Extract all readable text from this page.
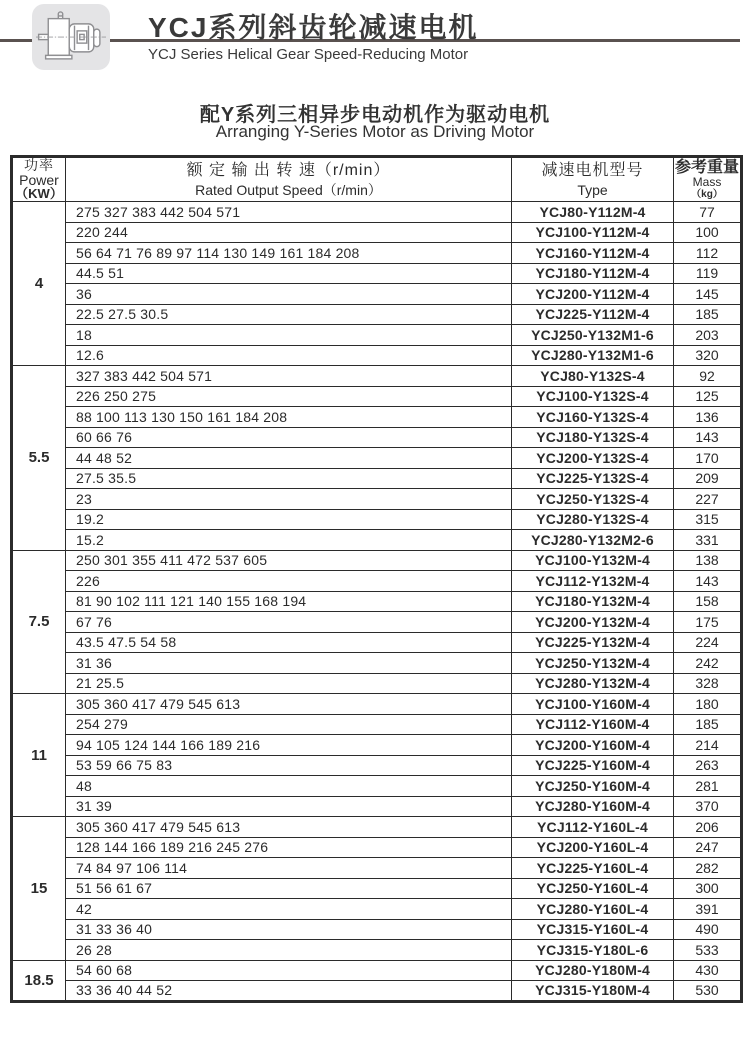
YCJ系列斜齿轮减速电机
YCJ Series Helical Gear Speed-Reducing Motor
配Y系列三相异步电动机作为驱动电机
Arranging Y-Series Motor as Driving Motor
功率
Power
（KW）

额 定 输 出 转 速（r/min）
Rated Output Speed（r/min）

减速电机型号
Type

参考重量
Mass
（kg）

4	275 327 383 442 504 571	YCJ80-Y112M-4	77
	220 244	YCJ100-Y112M-4	100
	56 64 71 76 89 97 114 130 149 161 184 208	YCJ160-Y112M-4	112
	44.5 51	YCJ180-Y112M-4	119
	36	YCJ200-Y112M-4	145
	22.5 27.5 30.5	YCJ225-Y112M-4	185
	18	YCJ250-Y132M1-6	203
	12.6	YCJ280-Y132M1-6	320
5.5	327 383 442 504 571	YCJ80-Y132S-4	92
	226 250 275	YCJ100-Y132S-4	125
	88 100 113 130 150 161 184 208	YCJ160-Y132S-4	136
	60 66 76	YCJ180-Y132S-4	143
	44 48 52	YCJ200-Y132S-4	170
	27.5 35.5	YCJ225-Y132S-4	209
	23	YCJ250-Y132S-4	227
	19.2	YCJ280-Y132S-4	315
	15.2	YCJ280-Y132M2-6	331
7.5	250 301 355 411 472 537 605	YCJ100-Y132M-4	138
	226	YCJ112-Y132M-4	143
	81 90 102 111 121 140 155 168 194	YCJ180-Y132M-4	158
	67 76	YCJ200-Y132M-4	175
	43.5 47.5 54 58	YCJ225-Y132M-4	224
	31 36	YCJ250-Y132M-4	242
	21 25.5	YCJ280-Y132M-4	328
11	305 360 417 479 545 613	YCJ100-Y160M-4	180
	254 279	YCJ112-Y160M-4	185
	94 105 124 144 166 189 216	YCJ200-Y160M-4	214
	53 59 66 75 83	YCJ225-Y160M-4	263
	48	YCJ250-Y160M-4	281
	31 39	YCJ280-Y160M-4	370
15	305 360 417 479 545 613	YCJ112-Y160L-4	206
	128 144 166 189 216 245 276	YCJ200-Y160L-4	247
	74 84 97 106 114	YCJ225-Y160L-4	282
	51 56 61 67	YCJ250-Y160L-4	300
	42	YCJ280-Y160L-4	391
	31 33 36 40	YCJ315-Y160L-4	490
	26 28	YCJ315-Y180L-6	533
18.5	54 60 68	YCJ280-Y180M-4	430
	33 36 40 44 52	YCJ315-Y180M-4	530
